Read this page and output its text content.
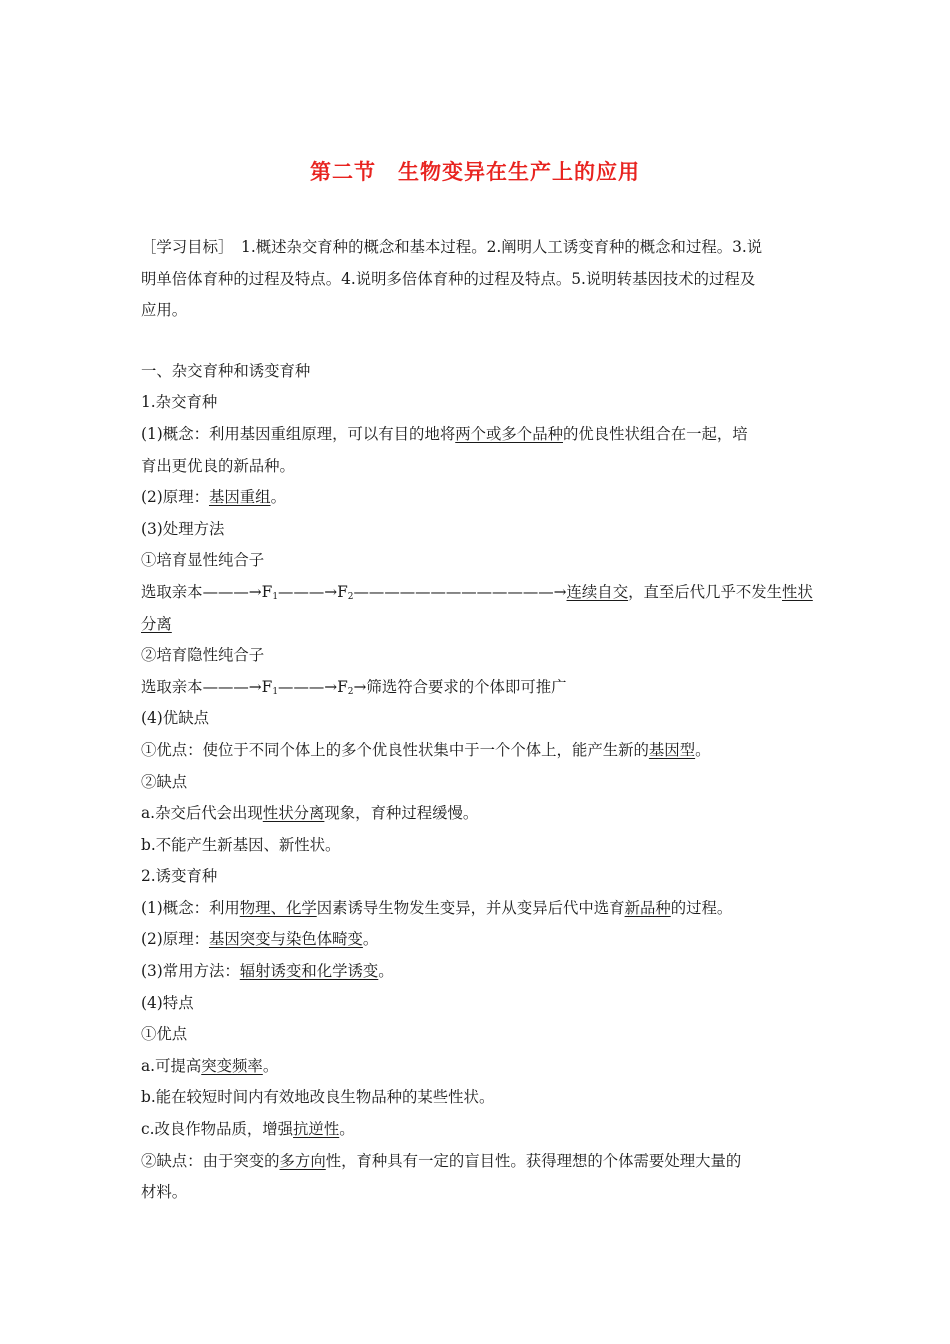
第二节　生物变异在生产上的应用
［学习目标］　1.概述杂交育种的概念和基本过程。2.阐明人工诱变育种的概念和过程。3.说
明单倍体育种的过程及特点。4.说明多倍体育种的过程及特点。5.说明转基因技术的过程及
应用。
一、杂交育种和诱变育种
1.杂交育种
(1)概念：利用基因重组原理，可以有目的地将两个或多个品种的优良性状组合在一起，培
育出更优良的新品种。
(2)原理：基因重组。
(3)处理方法
①培育显性纯合子
选取亲本$———\to F_1———\to F_2—————————————\to$连续自交，直至后代几乎不发生性状
分离
②培育隐性纯合子
选取亲本$———\to F_1———\to F_2\to$筛选符合要求的个体即可推广
(4)优缺点
①优点：使位于不同个体上的多个优良性状集中于一个个体上，能产生新的基因型。
②缺点
a.杂交后代会出现性状分离现象，育种过程缓慢。
b.不能产生新基因、新性状。
2.诱变育种
(1)概念：利用物理、化学因素诱导生物发生变异，并从变异后代中选育新品种的过程。
(2)原理：基因突变与染色体畸变。
(3)常用方法：辐射诱变和化学诱变。
(4)特点
①优点
a.可提高突变频率。
b.能在较短时间内有效地改良生物品种的某些性状。
c.改良作物品质，增强抗逆性。
②缺点：由于突变的多方向性，育种具有一定的盲目性。获得理想的个体需要处理大量的
材料。
